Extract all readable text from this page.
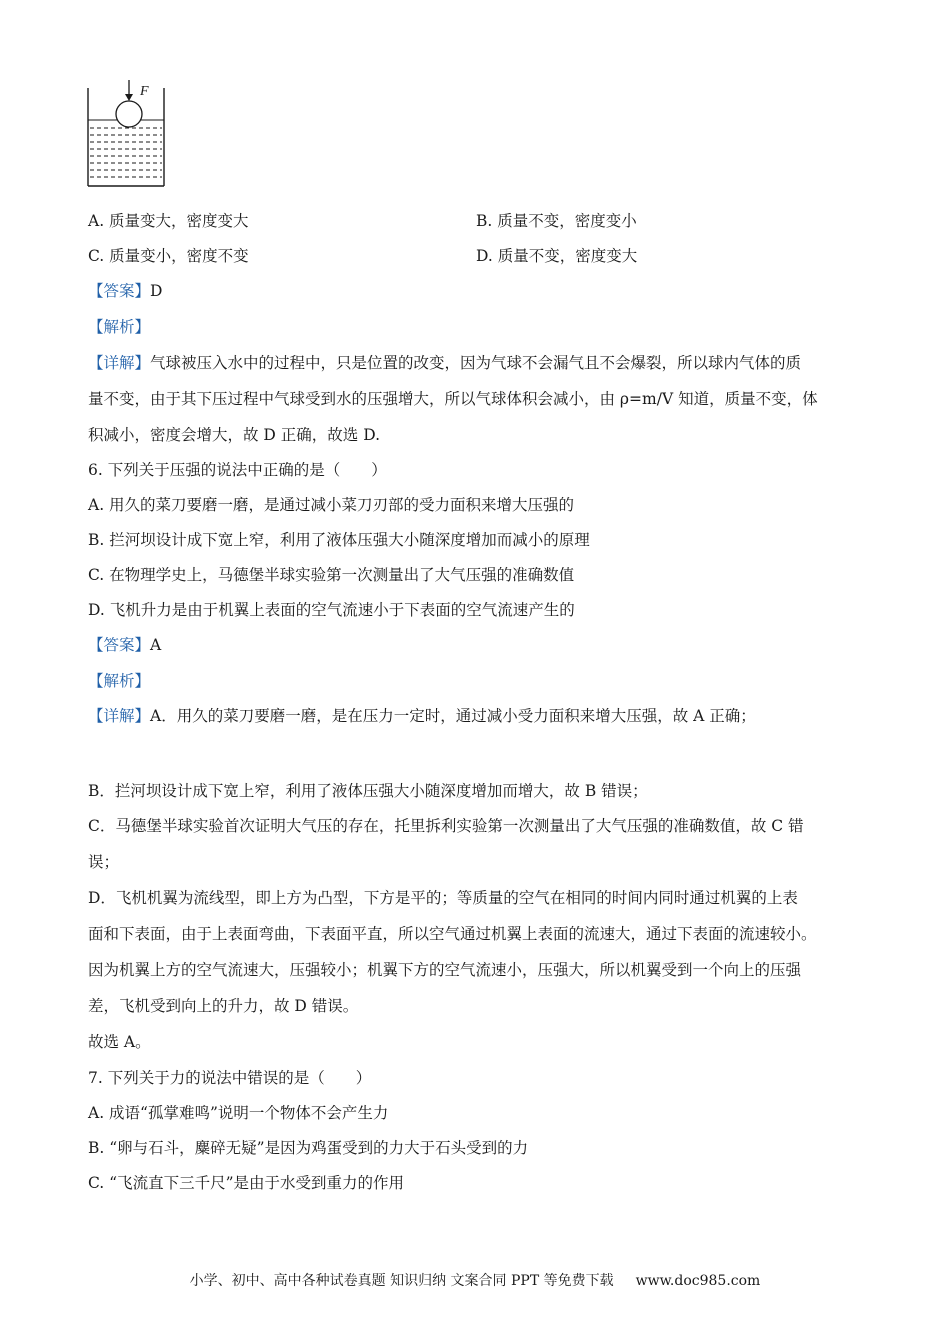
F
A. 质量变大，密度变大	B. 质量不变，密度变小
C. 质量变小，密度不变	D. 质量不变，密度变大
【答案】D
【解析】
【详解】气球被压入水中的过程中，只是位置的改变，因为气球不会漏气且不会爆裂，所以球内气体的质
量不变，由于其下压过程中气球受到水的压强增大，所以气球体积会减小，由 ρ=m/V 知道，质量不变，体
积减小，密度会增大，故 D 正确，故选 D.
6. 下列关于压强的说法中正确的是（　　）
A. 用久的菜刀要磨一磨，是通过减小菜刀刃部的受力面积来增大压强的
B. 拦河坝设计成下宽上窄，利用了液体压强大小随深度增加而减小的原理
C. 在物理学史上，马德堡半球实验第一次测量出了大气压强的准确数值
D. 飞机升力是由于机翼上表面的空气流速小于下表面的空气流速产生的
【答案】A
【解析】
【详解】A．用久的菜刀要磨一磨，是在压力一定时，通过减小受力面积来增大压强，故 A 正确；
B．拦河坝设计成下宽上窄，利用了液体压强大小随深度增加而增大，故 B 错误；
C．马德堡半球实验首次证明大气压的存在，托里拆利实验第一次测量出了大气压强的准确数值，故 C 错
误；
D．飞机机翼为流线型，即上方为凸型，下方是平的；等质量的空气在相同的时间内同时通过机翼的上表
面和下表面，由于上表面弯曲，下表面平直，所以空气通过机翼上表面的流速大，通过下表面的流速较小。
因为机翼上方的空气流速大，压强较小；机翼下方的空气流速小，压强大，所以机翼受到一个向上的压强
差，飞机受到向上的升力，故 D 错误。
故选 A。
7. 下列关于力的说法中错误的是（　　）
A. 成语“孤掌难鸣”说明一个物体不会产生力
B. “卵与石斗，麋碎无疑”是因为鸡蛋受到的力大于石头受到的力
C. “飞流直下三千尺”是由于水受到重力的作用
小学、初中、高中各种试卷真题 知识归纳 文案合同 PPT 等免费下载 www.doc985.com
